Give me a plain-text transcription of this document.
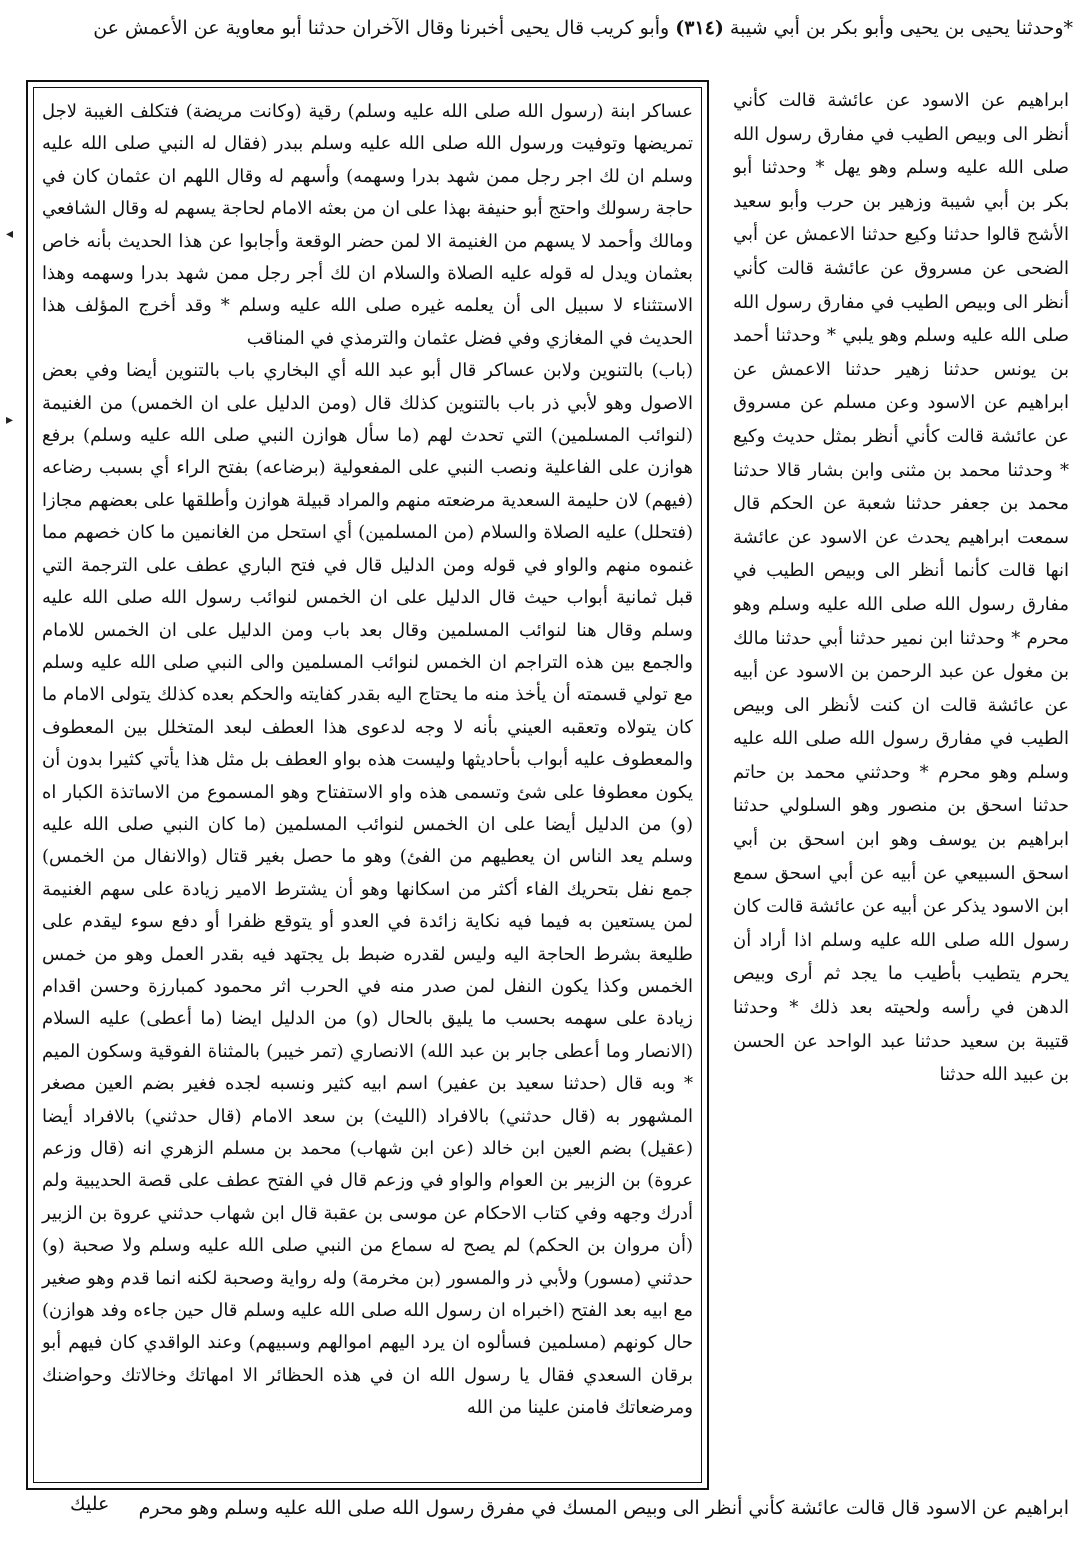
*وحدثنا يحيى بن يحيى وأبو بكر بن أبي شيبة (٣١٤) وأبو كريب قال يحيى أخبرنا وقال الآخران حدثنا أبو معاوية عن الأعمش عن

ابراهيم عن الاسود عن عائشة قالت كأني أنظر الى وبيص الطيب في مفارق رسول الله صلى الله عليه وسلم وهو يهل * وحدثنا أبو بكر بن أبي شيبة وزهير بن حرب وأبو سعيد الأشج قالوا حدثنا وكيع حدثنا الاعمش عن أبي الضحى عن مسروق عن عائشة قالت كأني أنظر الى وبيص الطيب في مفارق رسول الله صلى الله عليه وسلم وهو يلبي * وحدثنا أحمد بن يونس حدثنا زهير حدثنا الاعمش عن ابراهيم عن الاسود وعن مسلم عن مسروق عن عائشة قالت كأني أنظر بمثل حديث وكيع * وحدثنا محمد بن مثنى وابن بشار قالا حدثنا محمد بن جعفر حدثنا شعبة عن الحكم قال سمعت ابراهيم يحدث عن الاسود عن عائشة انها قالت كأنما أنظر الى وبيص الطيب في مفارق رسول الله صلى الله عليه وسلم وهو محرم * وحدثنا ابن نمير حدثنا أبي حدثنا مالك بن مغول عن عبد الرحمن بن الاسود عن أبيه عن عائشة قالت ان كنت لأنظر الى وبيص الطيب في مفارق رسول الله صلى الله عليه وسلم وهو محرم * وحدثني محمد بن حاتم حدثنا اسحق بن منصور وهو السلولي حدثنا ابراهيم بن يوسف وهو ابن اسحق بن أبي اسحق السبيعي عن أبيه عن أبي اسحق سمع ابن الاسود يذكر عن أبيه عن عائشة قالت كان رسول الله صلى الله عليه وسلم اذا أراد أن يحرم يتطيب بأطيب ما يجد ثم أرى وبيص الدهن في رأسه ولحيته بعد ذلك * وحدثنا قتيبة بن سعيد حدثنا عبد الواحد عن الحسن بن عبيد الله حدثنا

عساكر ابنة (رسول الله صلى الله عليه وسلم) رقية (وكانت مريضة) فتكلف الغيبة لاجل تمريضها وتوفيت ورسول الله صلى الله عليه وسلم ببدر (فقال له النبي صلى الله عليه وسلم ان لك اجر رجل ممن شهد بدرا وسهمه) وأسهم له وقال اللهم ان عثمان كان في حاجة رسولك واحتج أبو حنيفة بهذا على ان من بعثه الامام لحاجة يسهم له وقال الشافعي ومالك وأحمد لا يسهم من الغنيمة الا لمن حضر الوقعة وأجابوا عن هذا الحديث بأنه خاص بعثمان ويدل له قوله عليه الصلاة والسلام ان لك أجر رجل ممن شهد بدرا وسهمه وهذا الاستثناء لا سبيل الى أن يعلمه غيره صلى الله عليه وسلم * وقد أخرج المؤلف هذا الحديث في المغازي وفي فضل عثمان والترمذي في المناقب

(باب) بالتنوين ولابن عساكر قال أبو عبد الله أي البخاري باب بالتنوين أيضا وفي بعض الاصول وهو لأبي ذر باب بالتنوين كذلك قال (ومن الدليل على ان الخمس) من الغنيمة (لنوائب المسلمين) التي تحدث لهم (ما سأل هوازن النبي صلى الله عليه وسلم) برفع هوازن على الفاعلية ونصب النبي على المفعولية (برضاعه) بفتح الراء أي بسبب رضاعه (فيهم) لان حليمة السعدية مرضعته منهم والمراد قبيلة هوازن وأطلقها على بعضهم مجازا (فتحلل) عليه الصلاة والسلام (من المسلمين) أي استحل من الغانمين ما كان خصهم مما غنموه منهم والواو في قوله ومن الدليل قال في فتح الباري عطف على الترجمة التي قبل ثمانية أبواب حيث قال الدليل على ان الخمس لنوائب رسول الله صلى الله عليه وسلم وقال هنا لنوائب المسلمين وقال بعد باب ومن الدليل على ان الخمس للامام والجمع بين هذه التراجم ان الخمس لنوائب المسلمين والى النبي صلى الله عليه وسلم مع تولي قسمته أن يأخذ منه ما يحتاج اليه بقدر كفايته والحكم بعده كذلك يتولى الامام ما كان يتولاه وتعقبه العيني بأنه لا وجه لدعوى هذا العطف لبعد المتخلل بين المعطوف والمعطوف عليه أبواب بأحاديثها وليست هذه بواو العطف بل مثل هذا يأتي كثيرا بدون أن يكون معطوفا على شئ وتسمى هذه واو الاستفتاح وهو المسموع من الاساتذة الكبار اه (و) من الدليل أيضا على ان الخمس لنوائب المسلمين (ما كان النبي صلى الله عليه وسلم يعد الناس ان يعطيهم من الفئ) وهو ما حصل بغير قتال (والانفال من الخمس) جمع نفل بتحريك الفاء أكثر من اسكانها وهو أن يشترط الامير زيادة على سهم الغنيمة لمن يستعين به فيما فيه نكاية زائدة في العدو أو يتوقع ظفرا أو دفع سوء ليقدم على طليعة بشرط الحاجة اليه وليس لقدره ضبط بل يجتهد فيه بقدر العمل وهو من خمس الخمس وكذا يكون النفل لمن صدر منه في الحرب اثر محمود كمبارزة وحسن اقدام زيادة على سهمه بحسب ما يليق بالحال (و) من الدليل ايضا (ما أعطى) عليه السلام (الانصار وما أعطى جابر بن عبد الله) الانصاري (تمر خيبر) بالمثناة الفوقية وسكون الميم * وبه قال (حدثنا سعيد بن عفير) اسم ابيه كثير ونسبه لجده فغير بضم العين مصغر المشهور به (قال حدثني) بالافراد (الليث) بن سعد الامام (قال حدثني) بالافراد أيضا (عقيل) بضم العين ابن خالد (عن ابن شهاب) محمد بن مسلم الزهري انه (قال وزعم عروة) بن الزبير بن العوام والواو في وزعم قال في الفتح عطف على قصة الحديبية ولم أدرك وجهه وفي كتاب الاحكام عن موسى بن عقبة قال ابن شهاب حدثني عروة بن الزبير (أن مروان بن الحكم) لم يصح له سماع من النبي صلى الله عليه وسلم ولا صحبة (و) حدثني (مسور) ولأبي ذر والمسور (بن مخرمة) وله رواية وصحبة لكنه انما قدم وهو صغير مع ابيه بعد الفتح (اخبراه ان رسول الله صلى الله عليه وسلم قال حين جاءه وفد هوازن) حال كونهم (مسلمين فسألوه ان يرد اليهم اموالهم وسبيهم) وعند الواقدي كان فيهم أبو برقان السعدي فقال يا رسول الله ان في هذه الحظائر الا امهاتك وخالاتك وحواضنك ومرضعاتك فامنن علينا من الله

ابراهيم عن الاسود قال قالت عائشة كأني أنظر الى وبيص المسك في مفرق رسول الله صلى الله عليه وسلم وهو محرم
عليك
◂
▸
